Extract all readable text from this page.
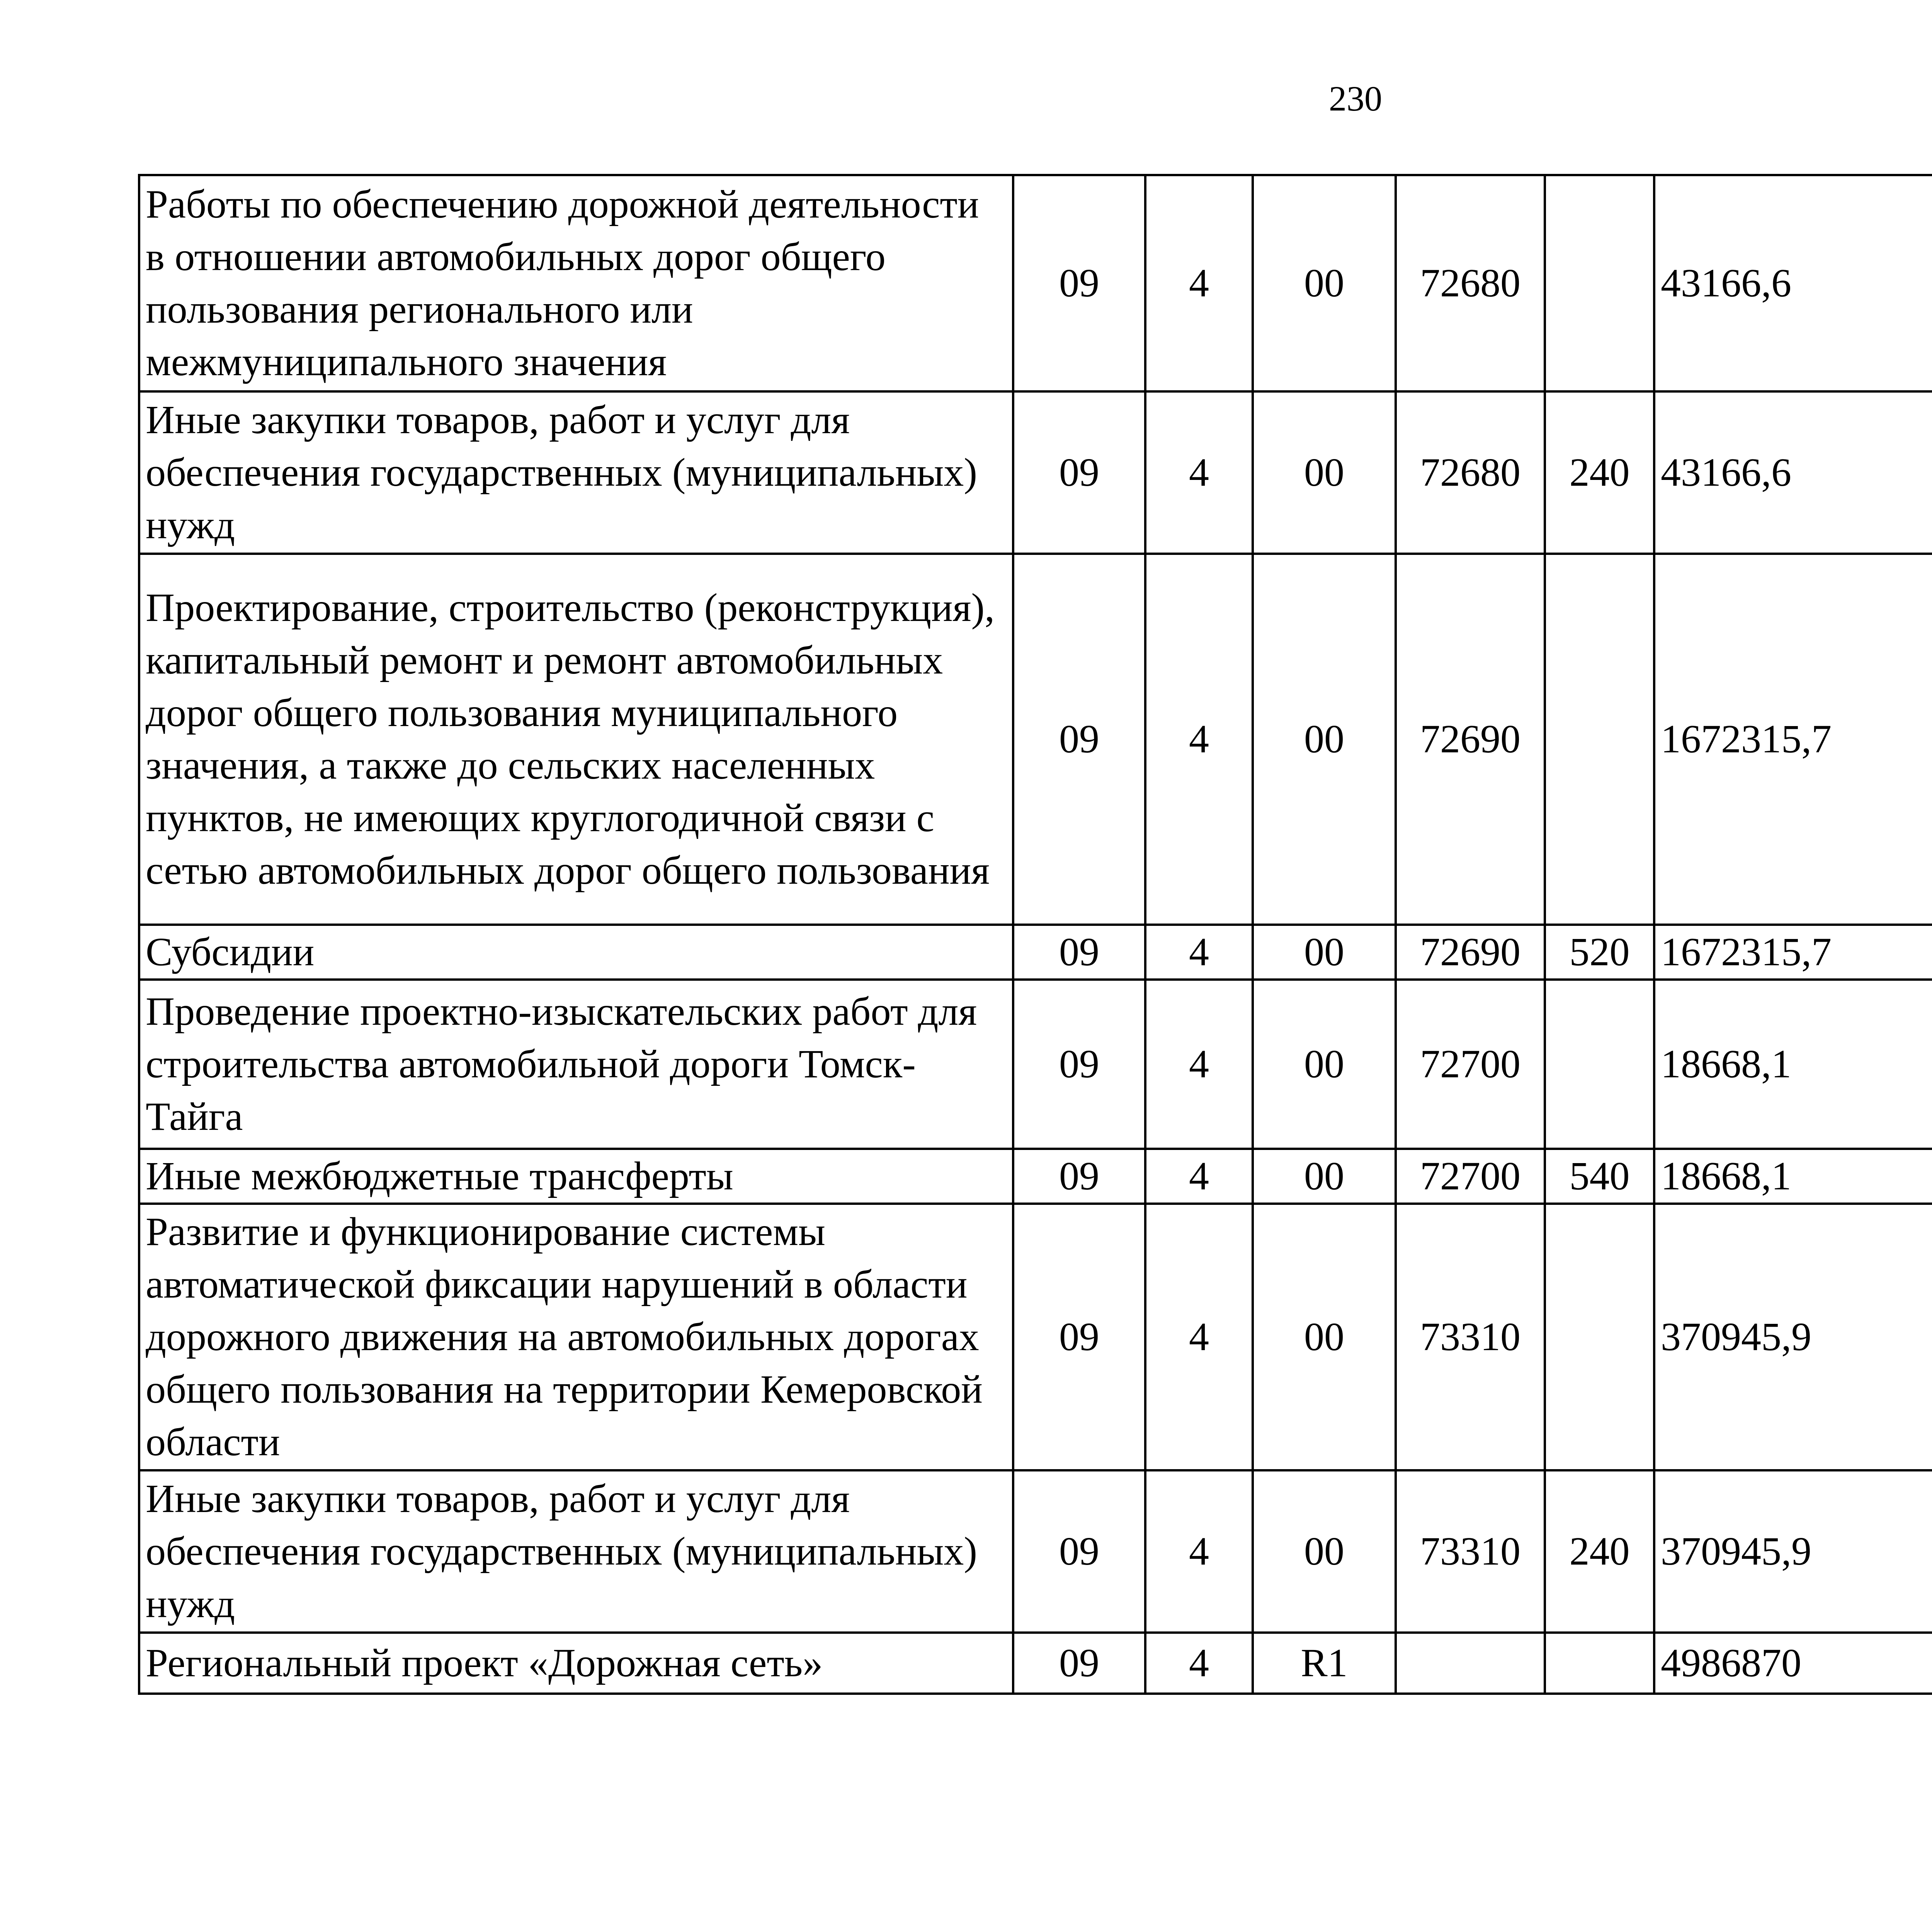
230
Работы по обеспечению дорожной деятельности в отношении автомобильных дорог общего пользования регионального или межмуниципального значения	09	4	00	72680		43166,6		
Иные закупки товаров, работ и услуг для обеспечения государственных (муниципальных) нужд	09	4	00	72680	240	43166,6		
Проектирование, строительство (реконструкция), капитальный ремонт и ремонт автомобильных дорог общего пользования муниципального значения, а также до сельских населенных пунктов, не имеющих круглогодичной связи с сетью автомобильных дорог общего пользования	09	4	00	72690		1672315,7		
Субсидии	09	4	00	72690	520	1672315,7		
Проведение проектно-изыскательских работ для строительства автомобильной дороги Томск-Тайга	09	4	00	72700		18668,1		
Иные межбюджетные трансферты	09	4	00	72700	540	18668,1		
Развитие и функционирование системы автоматической фиксации нарушений в области дорожного движения на автомобильных дорогах общего пользования на территории Кемеровской области	09	4	00	73310		370945,9		
Иные закупки товаров, работ и услуг для обеспечения государственных (муниципальных) нужд	09	4	00	73310	240	370945,9		
Региональный проект «Дорожная сеть»	09	4	R1			4986870		
